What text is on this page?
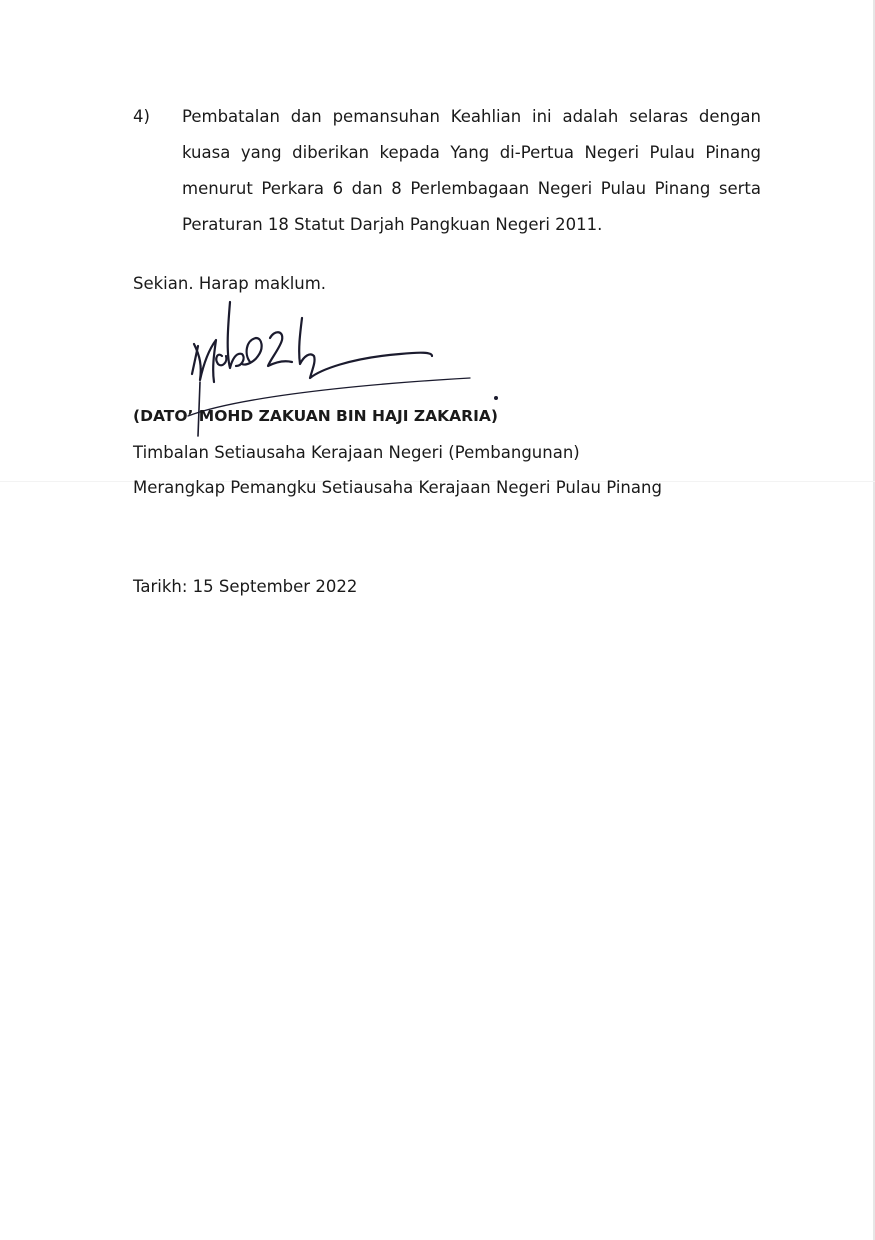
4) Pembatalan dan pemansuhan Keahlian ini adalah selaras dengan kuasa yang diberikan kepada Yang di-Pertua Negeri Pulau Pinang menurut Perkara 6 dan 8 Perlembagaan Negeri Pulau Pinang serta Peraturan 18 Statut Darjah Pangkuan Negeri 2011.
Sekian. Harap maklum.
(DATO’ MOHD ZAKUAN BIN HAJI ZAKARIA)
Timbalan Setiausaha Kerajaan Negeri (Pembangunan)
Merangkap Pemangku Setiausaha Kerajaan Negeri Pulau Pinang
Tarikh: 15 September 2022
